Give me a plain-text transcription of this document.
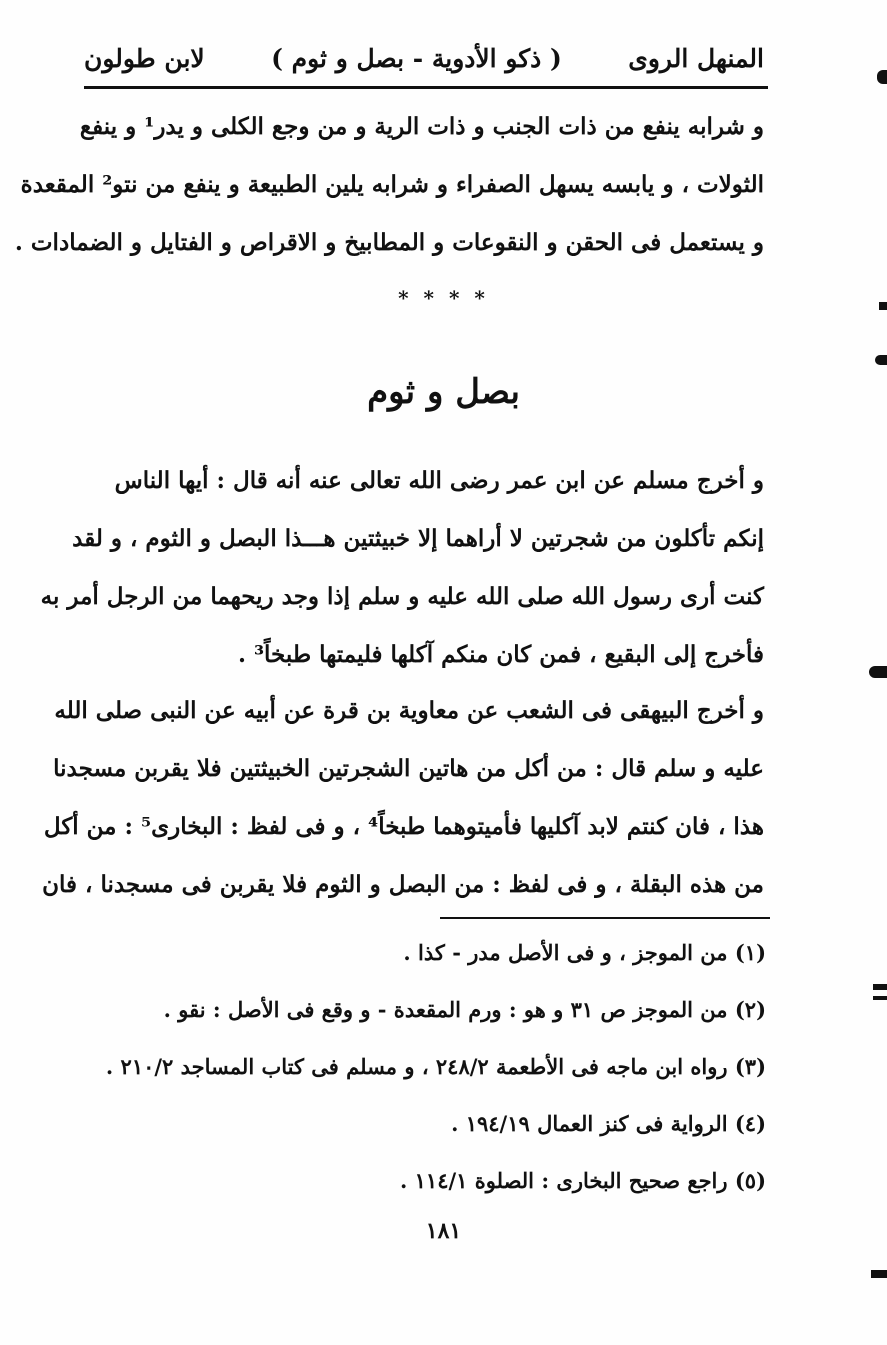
المنهل الروى
( ذكو الأدوية - بصل و ثوم )
لابن طولون
و شرابه ينفع من ذات الجنب و ذات الرية و من وجع الكلى و يدر¹ و ينفع
الثولات ، و يابسه يسهل الصفراء و شرابه يلين الطبيعة و ينفع من نتو² المقعدة
و يستعمل فى الحقن و النقوعات و المطابيخ و الاقراص و الفتايل و الضمادات .
* * * *
بصل و ثوم
و أخرج مسلم عن ابن عمر رضى الله تعالى عنه أنه قال : أيها الناس
إنكم تأكلون من شجرتين لا أراهما إلا خبيثتين هـــذا البصل و الثوم ، و لقد
كنت أرى رسول الله صلى الله عليه و سلم إذا وجد ريحهما من الرجل أمر به
فأخرج إلى البقيع ، فمن كان منكم آكلها فليمتها طبخاً³ .
و أخرج البيهقى فى الشعب عن معاوية بن قرة عن أبيه عن النبى صلى الله
عليه و سلم قال : من أكل من هاتين الشجرتين الخبيثتين فلا يقربن مسجدنا
هذا ، فان كنتم لابد آكليها فأميتوهما طبخاً⁴ ، و فى لفظ : البخارى⁵ : من أكل
من هذه البقلة ، و فى لفظ : من البصل و الثوم فلا يقربن فى مسجدنا ، فان
(١) من الموجز ، و فى الأصل مدر - كذا .
(٢) من الموجز ص ٣١ و هو : ورم المقعدة - و وقع فى الأصل : نقو .
(٣) رواه ابن ماجه فى الأطعمة ٢٤٨/٢ ، و مسلم فى كتاب المساجد ٢١٠/٢ .
(٤) الرواية فى كنز العمال ١٩٤/١٩ .
(٥) راجع صحيح البخارى : الصلوة ١١٤/١ .
١٨١
